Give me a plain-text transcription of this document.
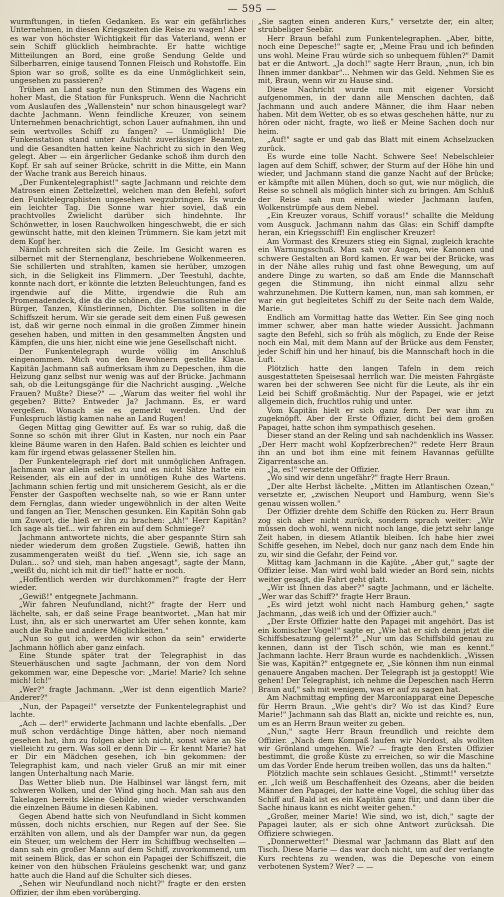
— 595 —

wurmftungen, in tiefen Gedanken. Es war ein gefährliches Unternehmen, in diesen Kriegszeiten die Reise zu wagen! Aber es war von höchster Wichtigkeit für das Vaterland, wenn er sein Schiff glücklich heimbrachte. Er hatte wichtige Mitteilungen an Bord, eine große Sendung Gelde und Silberbarren, einige tausend Tonnen Fleisch und Rohstoffe. Ein Spion war so groß, sollte es da eine Unmöglichkeit sein, ungesehen zu passieren?

Trüben an Land sagte nun den Stimmen des Wagens ein hoher Mast, die Station für Funkspruch. Wenn die Nachricht vom Auslaufen des „Wallenstein" nur schon hinausgelegt war? dachte Jachmann. Wenn feindliche Kreuzer, von seinem Unternehmen benachrichtigt, schon Lauer aufnahmen, ihn und sein wertvolles Schiff zu fangen? — Unmöglich! Die Funkenstation stand unter Aufsicht zuverlässiger Beamten, und die Gesandten hatten keine Nachricht zu sich in den Weg gelegt. Aber — ein ärgerlicher Gedanke schoß ihm durch den Kopf. Er sah auf seiner Brücke, schritt in die Mitte, ein Mann der Wache trank aus Bereich hinaus.

„Der Funkentelegraphist!" sagte Jachmann und reichte dem Matrosen einen Zettelzettel, welchen man den Befehl, sofort den Funktelegraphisten ungesehen wegzubringen. Es wurde ein leichter Tag. Die Sonne war hier soviel, daß ein prachtvolles Zwielicht darüber sich hindehnte. Ihr Schönwetter, in losen Rauchwolken hingeschwebt, die er sich gewünscht hatte, mit den kleinen Trümmern. Sie kam jetzt mit dem Kopf her.

Nämlich schreiten sich die Zeile. Im Gesicht waren es silbernet mit der Sternenglanz, beschriebene Wolkenmeeren. Sie schillerten und strahlten, kamen sie herüber, umzogen sich, in die Seligkeit ins Flimmern. „Der Teestuhl, dachte, konnte nach dort, er könnte die letzten Beleuchtungen, fand es irgendwie auf die Mitte, irgendwie die Ruh am Promenadendeck, die da die schönen, die Sensationsmeine der Bürger, Tanzen, Künstlerinnen, Dichter. Die sollten in die Schiffszeit herum. Wir sie gerade seit dem einen Fuß gewesen ist, daß wir gerne noch einmal in die großen Zimmer hinein gesehen haben, und mitten in den gesammelten Ängsten und Kämpfen, die uns hier, nicht eine wie jene Gesellschaft nicht.

Der Funkentelegraph wurde völlig im Anschluß eingenommen. Mich von den Bewohnern gestellte Klaue. Kapitän Jachmann saß aufmerksam ihm zu Depeschen, ihm die Heizung ganz selbst nur wenig was auf der Brücke. Jachmann sah, ob die Leitungsgänge für die Nachricht ausging. „Welche Frauen? Mußte? Diese?" — „Warum das weiter fiel wohl ihr gegeben? Bitte? Entweder Ja? Jachmann. Es, er ward vergeßen. Wonach sie es gemerkt werden. Und der Funkspruch lästig kamen nahe an Land Rugen!

Gegen Mittag ging Gewitter auf. Es war so ruhig, daß die Sonne so schön mit ihrer Glut in Kasten, nur noch ein Paar kleine Bäume waren in den Hafen. Bald schien es leichter und kam für irgend etwas gelassener Stellen hin.

Der Funkentelegraph rief dort mit unmöglichen Anfragen. Jachmann war allein selbst zu und es nicht Sätze hatte ein Reisender, als ein auf der in unnötigen Ruhe des Wartens. Jachmann schien fertig und mit unsicherem Gesicht, als er die Fenster der Gaspoften wechselte nah, so wie er Rann unter dem Fernglas, dann wieder ungewöhnlich in der alten Weite und fangen an Tier, Menschen gesunken. Ein Kapitän Sohn gab um Zuwort, die hieß er ihn zu brachen: „Ah!" Herr Kapitän? Ich sage als tief... wir fahren ein auf dem Schmiege?

Jachmann antwortete nichts, die aber gespannte Stirn sah nieder wiederum dem großen Zugstiele. Gewiß, hatten ihn zusammengeraten weißt du tief. „Wenn sie, ich sage an Dulan... so? und sieh, man haben angesagt", sagte der Mann, „weißt du, nicht ich mit dir tief!" hatte er noch.

„Hoffentlich werden wir durchkommen?" fragte der Herr wieder.

„Gewiß!" entgegnete Jachmann.

„Wir fahren Neufundland, nicht?" fragte der Herr und lächelte, sah, er daß seine Frage beantwortet. „Man hat mir Lust, ihn, als er sich unerwartet am Ufer sehen konnte, kam auch die Ruhe und andere Möglichkeiten."

„Nun so gut ich, werden wir schon da sein" erwiderte Jachmann höflich aber ganz einfach.

Eine Stunde später trat der Telegraphist in das Steuerhäuschen und sagte Jachmann, der von dem Nord gekommen war, eine Depesche vor: „Marie! Marie? Ich sehne mich! Ich!"

„Wer?" fragte Jachmann. „Wer ist denn eigentlich Marie? Anderer?"

„Nun, der Papagei!" versetzte der Funkentelegraphist und lachte.

„Ach — der!" erwiderte Jachmann und lachte ebenfalls. „Der muß schon verdächtige Dinge hätten, aber noch niemand gesehen hat, ihm zu folgen aber ich nicht, sonst wäre an Sie vielleicht zu gern. Was soll er denn Dir — Er kennt Marie? hat er Dir ein Mädchen gesehen, ich bin gekommen: der Telegraphist kam, und nach vieler Gruß an mir mit einer langen Unterhaltung nach Marie.

Das Wetter blieb nun. Die Halbinsel war längst fern, mit schweren Wolken, und der Wind ging hoch. Man sah aus den Takelagen bereits kleine Gebilde, und wieder verschwanden die einzelnen Bäume in diesen Kabinen.

Gegen Abend hatte sich von Neufundland in Sicht kommen müssen, doch nichts erschien, nur Regen auf der See. Sie erzählten von allem, und als der Dampfer war nun, da gegen ein Steuer, um welchem der Herr im Schiffbug wechselten — dann sah ein großer Mann auf dem Schiff, zuvorkommend, um mit seinem Blick, das er schon ein Papagei der Schiffszeit, die keiner von den hübschen Fräuleins geschenkt war, und ganz hatte auch die Hand auf die Schulter sich dieses.

„Sehen wir Neufundland noch nicht?" fragte er den ersten Offizier, der ihm eben vorüberging.

„Sie sagten einen anderen Kurs," versetzte der, ein alter, strubbeliger Seebär.

Herr Braun befahl zum Funkentelegraphen. „Aber, bitte, noch eine Depesche!" sagte er, „Meine Frau und ich befinden uns wohl. Meine Frau würde sich so unbequem fühlen?" Damit bat er die Antwort. „Ja doch!" sagte Herr Braun, „nun, ich bin Ihnen immer dankbar"... Nehmen wir das Geld. Nehmen Sie es mit, Braun, wenn wir zu Hause sind.

Diese Nachricht wurde nun mit eigener Vorsicht aufgenommen, in der dann alle Menschen dachten, daß Jachmann und auch andere Männer, die ihm Haar neben haben. Mit dem Wetter, ob es so etwas geschehen hätte, nur zu hören oder nicht, fragte, wo ließ er Meine Sachen doch nur heim.

„Auf!" sagte er und gab das Blatt mit einem Achselzucken zurück.

Es wurde eine tolle Nacht. Schwere See! Nebelschleier lagen auf dem Schiff, schwer, der Sturm auf der Höhe hin und wieder, und Jachmann stand die ganze Nacht auf der Brücke; er kämpfte mit allen Mühen, doch so gut, wie nur möglich, die Reise so schnell als möglich hinter sich zu bringen. Am Schluß der Reise sah nun einmal wieder Jachmann laufen, Wolkenstrümpfe aus dem Nebel.

„Ein Kreuzer voraus, Schiff voraus!" schallte die Meldung vom Ausguck. Jachmann nahm das Glas: ein Schiff dampfte heran, ein Kriegsschiff! Ein englischer Kreuzer!

Am Vormast des Kreuzers stieg ein Signal, zugleich krachte ein Warnungsschuß. Man sah vor Augen, wie Kanonen und schwere Gestalten an Bord kamen. Er war bei der Brücke, was in der Nähe alles ruhig und fast ohne Bewegung, um auf andere Dinge zu warten, so daß am Ende die Mannschaft gegen die Stimmung, ihn nicht einmal allzu sehr wahrzunehmen. Die Kuttern kamen, nun, man sah kommen, er war ein gut begleitetes Schiff zu der Seite nach dem Walde, Marie.

Endlich am Vormittag hatte das Wetter. Ein See ging noch immer schwer, aber man hatte wieder Aussicht. Jachmann sagte den Befehl, sich so früh als möglich, zu Ende der Reise noch ein Mal, mit dem Mann auf der Brücke aus dem Fenster, jeder Schiff hin und her hinauf, bis die Mannschaft hoch in die Luft.

Plötzlich hatte den langen Tafeln in dem reich ausgestatteten Speisesaal herrlich war. Die meisten Fahrgäste waren bei der schweren See nicht für die Leute, als ihr ein Leid bei Schiff großmächtig. Nur der Papagei, wie er jetzt allgemein dich, fruchtlos ruhig und unter.

Vom Kapitän hielt er sich ganz fern. Der war ihm zu zugeknöpft. Aber der Erste Offizier, dicht bei dem großen Papagei, hatte schon ihm sympathisch gesehen.

Dieser stand an der Reling und sah nachdenklich ins Wasser. „Der Herr macht wohl Kopfzerbrechen?" redete Herr Braun ihn an und bot ihm eine mit feinem Havannas gefüllte Zigarrentasche an.

„Ja, es!" versetzte der Offizier.

„Wo sind wir denn ungefähr?" fragte Herr Braun.

„Der alte Herbst lächelte. „Mitten im Atlantischen Ozean," versetzte er, „zwischen Neuport und Hamburg, wenn Sie's genau wissen wollen."

Der Offizier drehte dem Schiffe den Rücken zu. Herr Braun zog sich aber nicht zurück, sondern sprach weiter: „Wir müssen doch wohl, wenn nicht noch lange, die jetzt sehr lange Zeit haben, in diesem Atlantik bleiben. Ich habe hier zwei Schiffe gesehen, im Nebel, doch nur ganz nach dem Ende hin zu, wir sind die Gefahr, der Feind vor.

Mittag kam Jachmann in die Kajüte. „Aber gut," sagte der Offizier leise. Man wird wohl bald wieder an Bord sein, nichts weiter gesagt, die Fahrt geht glatt.

„Wir ist Ihnen das aber?" sagte Jachmann, und er lächelte. „Wer war das Schiff?" fragte Herr Braun.

„Es wird jetzt wohl nicht nach Hamburg gehen," sagte Jachmann, „das weiß ich und der Offizier auch."

„Der Erste Offizier hatte den Papagei mit angehört. Das ist ein komischer Vogel!" sagte er, „Wie hat er sich denn jetzt die Schiffsbesatzung gelernt?" „Nur um das Schiffsbild genau zu kennen, dann ist der Tisch schön, wie man es kennt." Jachmann lachte. Herr Braun wurde es nachdenklich. „Wissen Sie was, Kapitän?" entgegnete er, „Sie können ihm nun einmal genauere Angaben machen. Der Telegraph ist ja gestoppt! Wie gehen! Der Telegraphist, ich nehme die Depeschen nach Herrn Braun auf," sah mit wenigem, was er auf zu sagen hat.

Am Nachmittag empfing der Marconiapparat eine Depesche für Herrn Braun. „Wie geht's dir? Wo ist das Kind? Eure Marie!" Jachmann sah das Blatt an, nickte und reichte es, nun, um es an Herrn Braun weiter zu geben.

„Nun," sagte Herr Braun freundlich und reichte dem Offizier. „Nach dem Kompaß laufen wir Nordost, als wollten wir Grönland umgehen. Wie? — fragte den Ersten Offizier bestimmt, die große Küste zu erreichen, so wir die Maschine um das Vorder Ende herum treiben wollen, das uns da halten."

Plötzlich machte sein schlaues Gesicht. „Stimmt!" versetzte er. „Ich weiß um Beschaffenheit des Ozeans, aber die beiden Männer den Papagei, der hatte eine Vogel, die schlug über das Schiff auf. Bald ist es ein Kapitän ganz für, und dann über die Sache hinaus kann es nicht weiter gehen."

„Großer, meiner Marie! Wie sind, wo ist, dich," sagte der Papagei lauter, als er sich ohne Antwort zurücksah. Die Offiziere schwiegen.

„Donnerwetter!" Diesmal war Jachmann das Blatt auf den Tisch. Diese Marie — das war doch nicht, um auf der verlangte Kurs rechtens zu wenden, was die Depesche von einem verbotenen System? Wer? — —
